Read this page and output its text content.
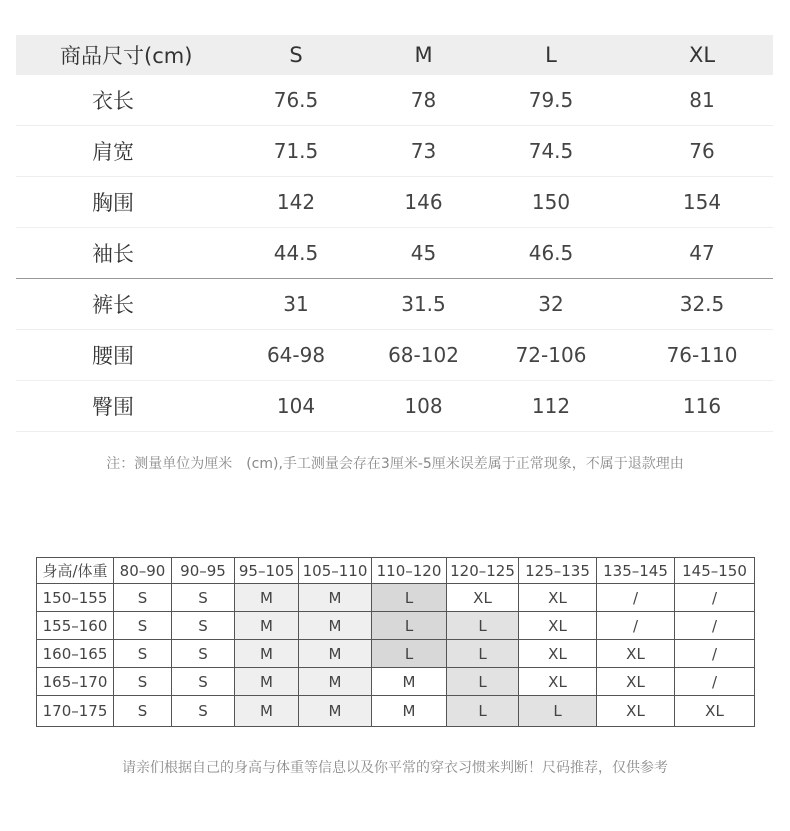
商品尺寸(cm)	S	M	L	XL
衣长	76.5	78	79.5	81
肩宽	71.5	73	74.5	76
胸围	142	146	150	154
袖长	44.5	45	46.5	47
裤长	31	31.5	32	32.5
腰围	64-98	68-102	72-106	76-110
臀围	104	108	112	116
注：测量单位为厘米　(cm),手工测量会存在3厘米-5厘米误差属于正常现象，不属于退款理由
身高/体重	80–90	90–95	95–105	105–110	110–120	120–125	125–135	135–145	145–150
150–155	S	S	M	M	L	XL	XL	/	/
155–160	S	S	M	M	L	L	XL	/	/
160–165	S	S	M	M	L	L	XL	XL	/
165–170	S	S	M	M	M	L	XL	XL	/
170–175	S	S	M	M	M	L	L	XL	XL
请亲们根据自己的身高与体重等信息以及你平常的穿衣习惯来判断！尺码推荐，仅供参考
